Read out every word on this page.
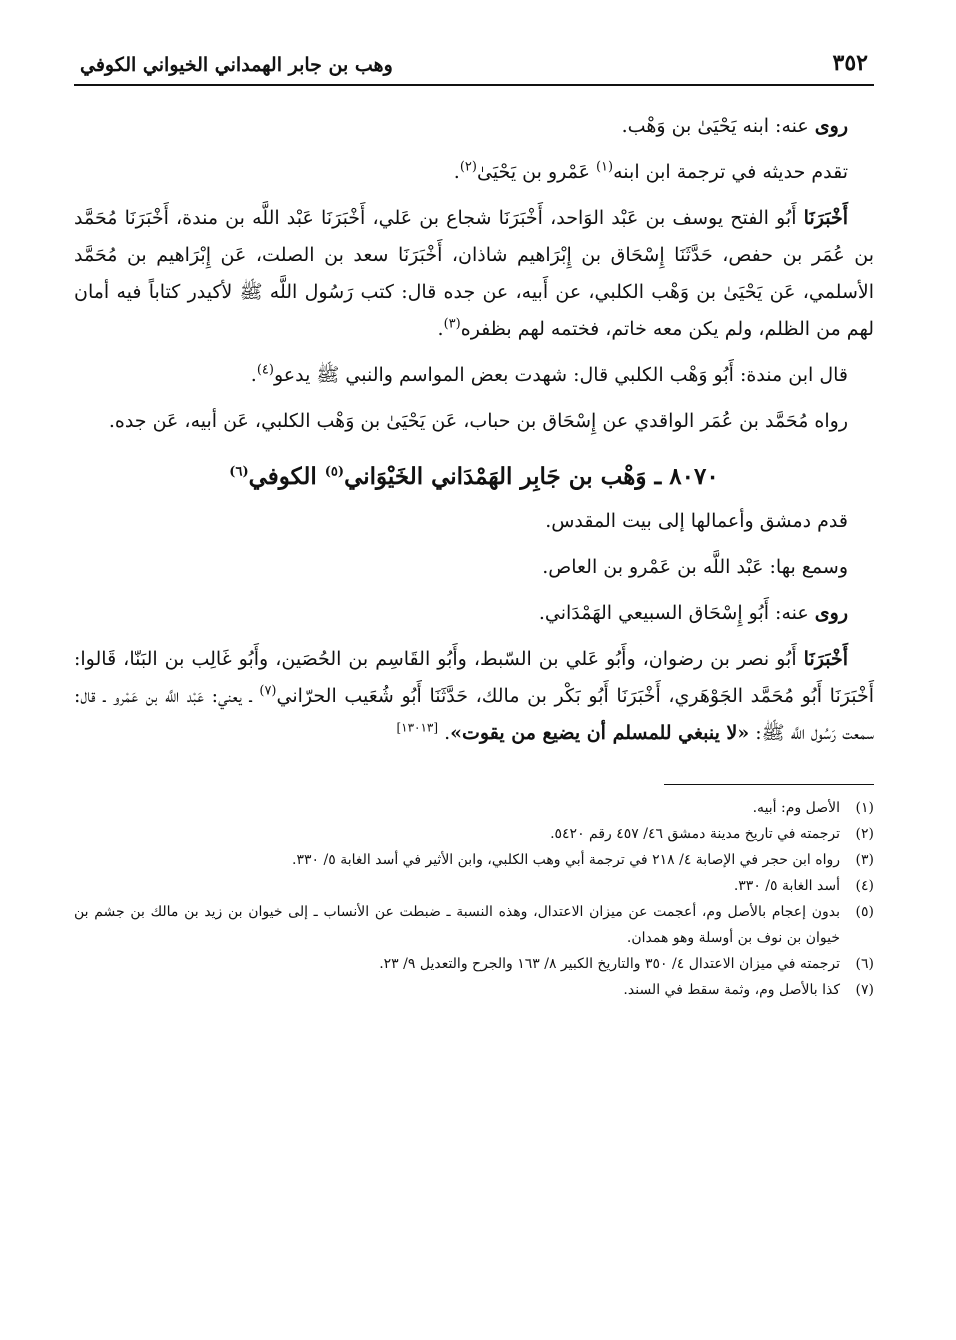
٣٥٢
وهب بن جابر الهمداني الخيواني الكوفي

روى عنه: ابنه يَحْيَىٰ بن وَهْب.

تقدم حديثه في ترجمة ابن ابنه$^{(١)}$ عَمْرو بن يَحْيَىٰ$^{(٢)}$.

أَخْبَرَنَا أَبُو الفتح يوسف بن عَبْد الوَاحد، أَخْبَرَنَا شجاع بن عَلي، أَخْبَرَنَا عَبْد اللَّه بن مندة، أَخْبَرَنَا مُحَمَّد بن عُمَر بن حفص، حَدَّثَنَا إِسْحَاق بن إِبْرَاهيم شاذان، أَخْبَرَنَا سعد بن الصلت، عَن إِبْرَاهيم بن مُحَمَّد الأسلمي، عَن يَحْيَىٰ بن وَهْب الكلبي، عن أَبيه، عن جده قال: كتب رَسُول اللَّه ﷺ لأكيدر كتاباً فيه أمان لهم من الظلم، ولم يكن معه خاتم، فختمه لهم بظفره$^{(٣)}$.

قال ابن مندة: أَبُو وَهْب الكلبي قال: شهدت بعض المواسم والنبي ﷺ يدعو$^{(٤)}$.

رواه مُحَمَّد بن عُمَر الواقدي عن إِسْحَاق بن حباب، عَن يَحْيَىٰ بن وَهْب الكلبي، عَن أبيه، عَن جده.

٨٠٧٠ ـ وَهْب بن جَابِر الهَمْدَاني الخَيْوَاني$^{(٥)}$ الكوفي$^{(٦)}$

قدم دمشق وأعمالها إلى بيت المقدس.

وسمع بها: عَبْد اللَّه بن عَمْرو بن العاص.

روى عنه: أَبُو إِسْحَاق السبيعي الهَمْدَاني.

أَخْبَرَنَا أَبُو نصر بن رضوان، وأَبُو عَلي بن السّبط، وأَبُو القَاسِم بن الحُصَين، وأَبُو غَالِب بن البَنّا، قَالوا: أَخْبَرَنَا أَبُو مُحَمَّد الجَوْهَري، أَخْبَرَنَا أَبُو بَكْر بن مالك، حَدَّثَنَا أَبُو شُعَيب الحرّاني$^{(٧)}$ ـ يعني: عَبْد اللَّه بن عَمْرو ـ قال: سمعت رَسُول اللَّه ﷺ: «لا ينبغي للمسلم أن يضيع من يقوت». [١٣٠١٣]

(١)
الأصل وم: أبيه.
(٢)
ترجمته في تاريخ مدينة دمشق ٤٦/ ٤٥٧ رقم ٥٤٢٠.
(٣)
رواه ابن حجر في الإصابة ٤/ ٢١٨ في ترجمة أبي وهب الكلبي، وابن الأثير في أسد الغابة ٥/ ٣٣٠.
(٤)
أسد الغابة ٥/ ٣٣٠.
(٥)
بدون إعجام بالأصل وم، أعجمت عن ميزان الاعتدال، وهذه النسبة ـ ضبطت عن الأنساب ـ إلى خيوان بن زيد بن مالك بن جشم بن خيوان بن نوف بن أوسلة وهو همدان.
(٦)
ترجمته في ميزان الاعتدال ٤/ ٣٥٠ والتاريخ الكبير ٨/ ١٦٣ والجرح والتعديل ٩/ ٢٣.
(٧)
كذا بالأصل وم، وثمة سقط في السند.
